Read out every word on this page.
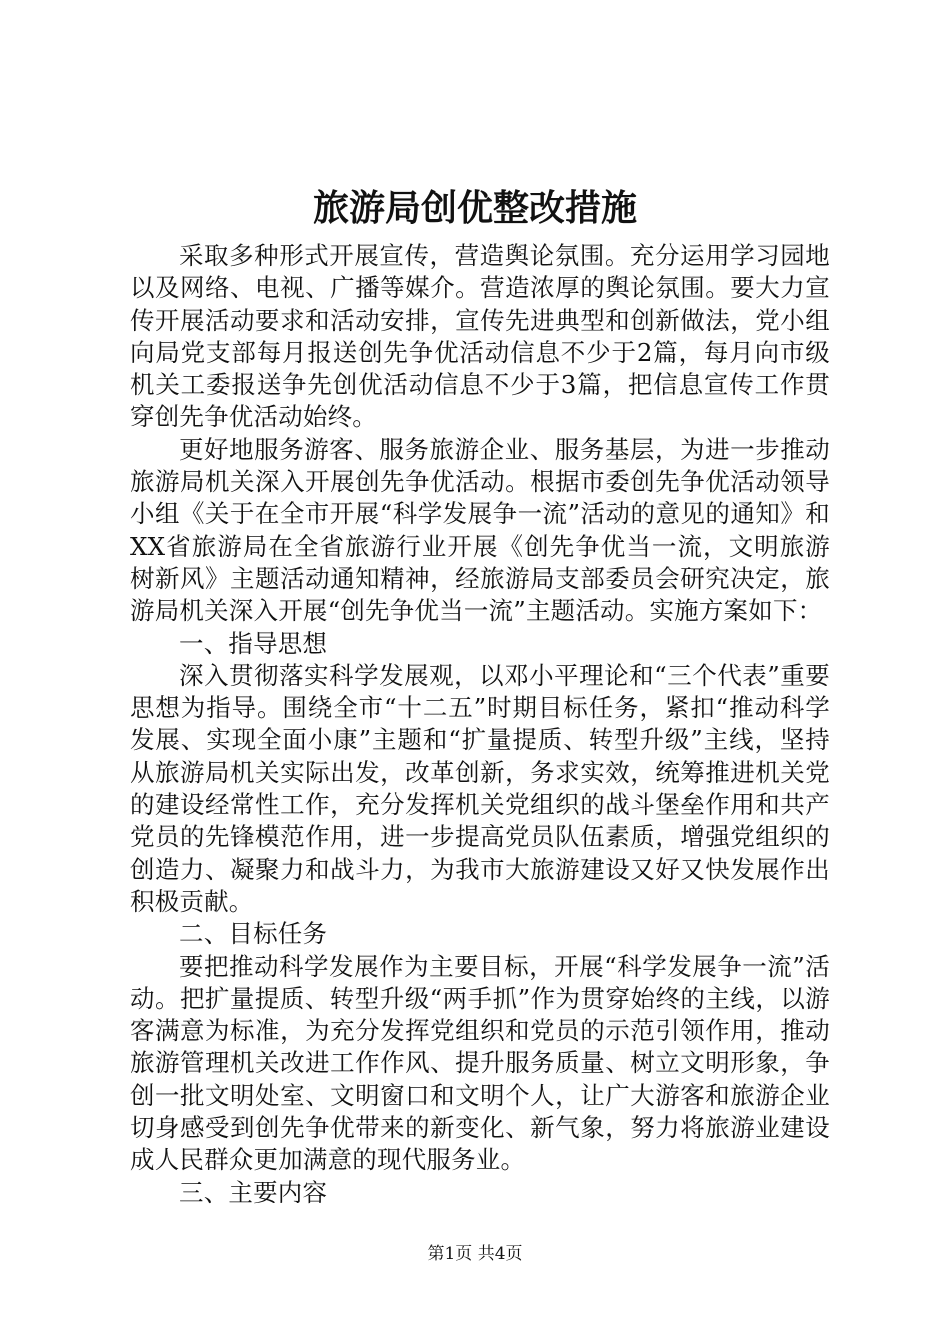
旅游局创优整改措施

采取多种形式开展宣传，营造舆论氛围。充分运用学习园地以及网络、电视、广播等媒介。营造浓厚的舆论氛围。要大力宣传开展活动要求和活动安排，宣传先进典型和创新做法，党小组向局党支部每月报送创先争优活动信息不少于2篇，每月向市级机关工委报送争先创优活动信息不少于3篇，把信息宣传工作贯穿创先争优活动始终。

更好地服务游客、服务旅游企业、服务基层，为进一步推动旅游局机关深入开展创先争优活动。根据市委创先争优活动领导小组《关于在全市开展“科学发展争一流”活动的意见的通知》和XX省旅游局在全省旅游行业开展《创先争优当一流，文明旅游树新风》主题活动通知精神，经旅游局支部委员会研究决定，旅游局机关深入开展“创先争优当一流”主题活动。实施方案如下：

一、指导思想

深入贯彻落实科学发展观，以邓小平理论和“三个代表”重要思想为指导。围绕全市“十二五”时期目标任务，紧扣“推动科学发展、实现全面小康”主题和“扩量提质、转型升级”主线，坚持从旅游局机关实际出发，改革创新，务求实效，统筹推进机关党的建设经常性工作，充分发挥机关党组织的战斗堡垒作用和共产党员的先锋模范作用，进一步提高党员队伍素质，增强党组织的创造力、凝聚力和战斗力，为我市大旅游建设又好又快发展作出积极贡献。

二、目标任务

要把推动科学发展作为主要目标，开展“科学发展争一流”活动。把扩量提质、转型升级“两手抓”作为贯穿始终的主线，以游客满意为标准，为充分发挥党组织和党员的示范引领作用，推动旅游管理机关改进工作作风、提升服务质量、树立文明形象，争创一批文明处室、文明窗口和文明个人，让广大游客和旅游企业切身感受到创先争优带来的新变化、新气象，努力将旅游业建设成人民群众更加满意的现代服务业。

三、主要内容

第1页 共4页
